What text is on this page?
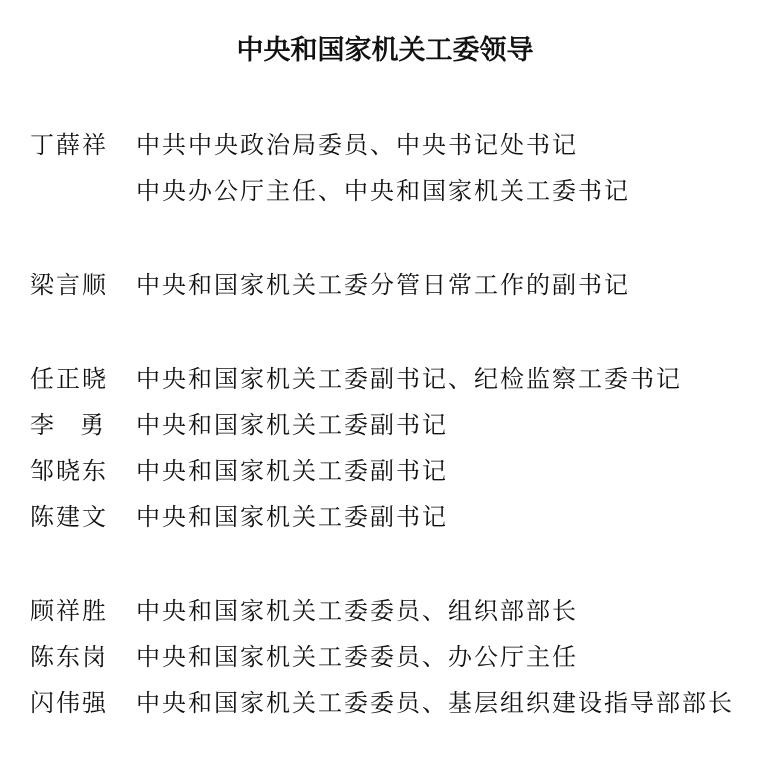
中央和国家机关工委领导
丁薛祥	中共中央政治局委员、中央书记处书记
中央办公厅主任、中央和国家机关工委书记
梁言顺	中央和国家机关工委分管日常工作的副书记
任正晓	中央和国家机关工委副书记、纪检监察工委书记
李 勇	中央和国家机关工委副书记
邹晓东	中央和国家机关工委副书记
陈建文	中央和国家机关工委副书记
顾祥胜	中央和国家机关工委委员、组织部部长
陈东岗	中央和国家机关工委委员、办公厅主任
闪伟强	中央和国家机关工委委员、基层组织建设指导部部长
